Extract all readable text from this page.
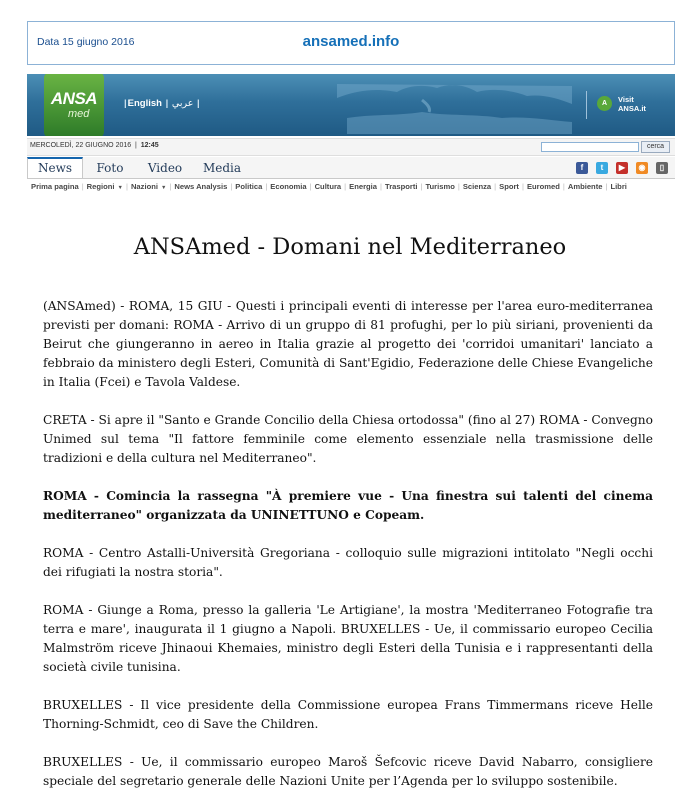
Data 15 giugno 2016	ansamed.info
ANSA
med
|English | عربي |	A	Visit
ANSA.it
MERCOLEDÌ, 22 GIUGNO 2016  |  12:45	cerca
News	Foto	Video	Media	f	t	▶	◉	▯
Prima pagina | Regioni ▼ | Nazioni ▼ | News Analysis | Politica | Economia | Cultura | Energia | Trasporti | Turismo | Scienza | Sport | Euromed | Ambiente | Libri
ANSAmed - Domani nel Mediterraneo

(ANSAmed) - ROMA, 15 GIU - Questi i principali eventi di interesse per l'area euro-mediterranea previsti per domani: ROMA - Arrivo di un gruppo di 81 profughi, per lo più siriani, provenienti da Beirut che giungeranno in aereo in Italia grazie al progetto dei 'corridoi umanitari' lanciato a febbraio da ministero degli Esteri, Comunità di Sant'Egidio, Federazione delle Chiese Evangeliche in Italia (Fcei) e Tavola Valdese.

CRETA - Si apre il "Santo e Grande Concilio della Chiesa ortodossa" (fino al 27) ROMA - Convegno Unimed sul tema "Il fattore femminile come elemento essenziale nella trasmissione delle tradizioni e della cultura nel Mediterraneo".

ROMA - Comincia la rassegna "À premiere vue - Una finestra sui talenti del cinema mediterraneo" organizzata da UNINETTUNO e Copeam.

ROMA - Centro Astalli-Università Gregoriana - colloquio sulle migrazioni intitolato "Negli occhi dei rifugiati la nostra storia".

ROMA - Giunge a Roma, presso la galleria 'Le Artigiane', la mostra 'Mediterraneo Fotografie tra terra e mare', inaugurata il 1 giugno a Napoli. BRUXELLES - Ue, il commissario europeo Cecilia Malmström riceve Jhinaoui Khemaies, ministro degli Esteri della Tunisia e i rappresentanti della società civile tunisina.

BRUXELLES - Il vice presidente della Commissione europea Frans Timmermans riceve Helle Thorning-Schmidt, ceo di Save the Children.

BRUXELLES - Ue, il commissario europeo Maroš Šefcovic riceve David Nabarro, consigliere speciale del segretario generale delle Nazioni Unite per l’Agenda per lo sviluppo sostenibile.
